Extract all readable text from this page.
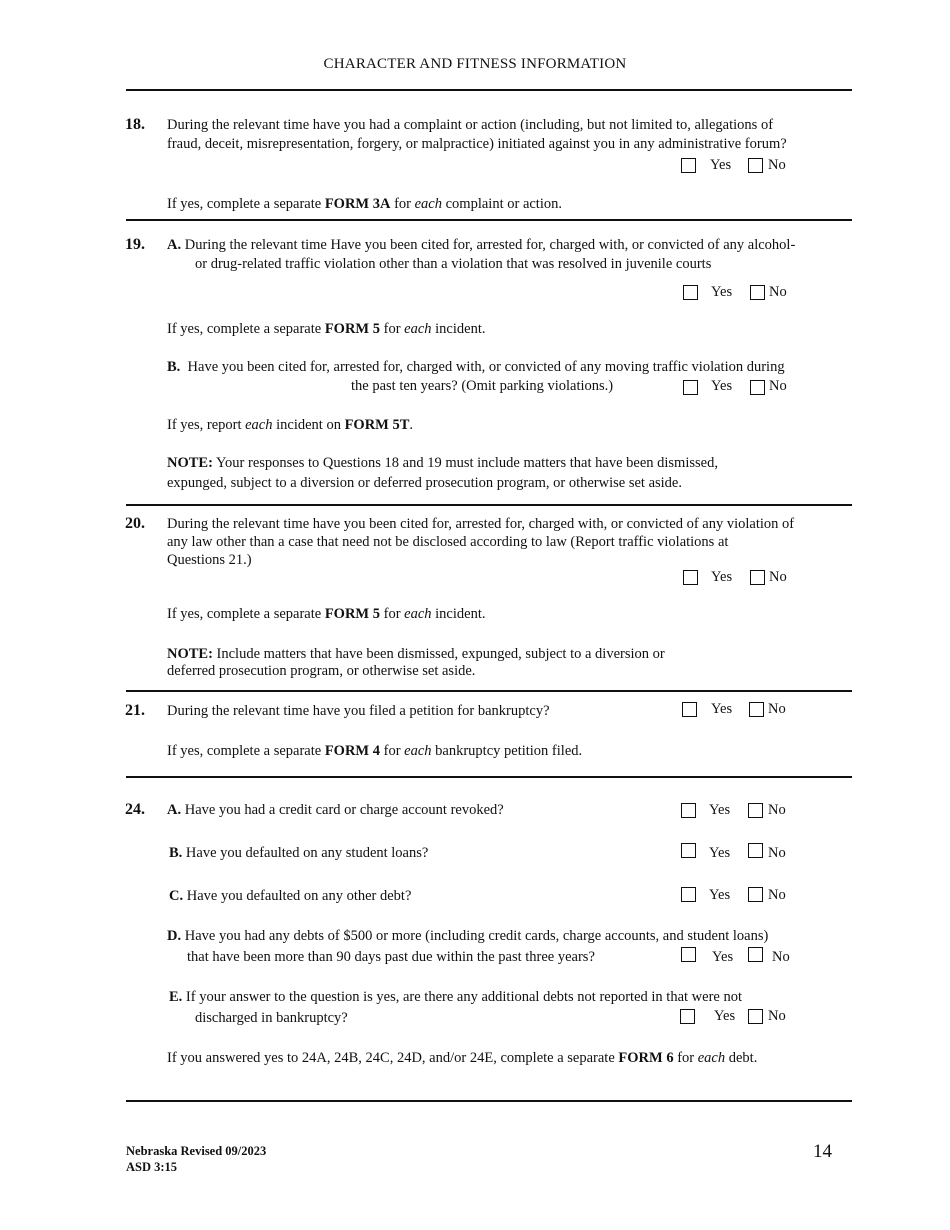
CHARACTER AND FITNESS INFORMATION
18. During the relevant time have you had a complaint or action (including, but not limited to, allegations of
fraud, deceit, misrepresentation, forgery, or malpractice) initiated against you in any administrative forum?
Yes	No
If yes, complete a separate FORM 3A for each complaint or action.
19. A. During the relevant time Have you been cited for, arrested for, charged with, or convicted of any alcohol-
or drug-related traffic violation other than a violation that was resolved in juvenile courts
Yes	No
If yes, complete a separate FORM 5 for each incident.
B. Have you been cited for, arrested for, charged with, or convicted of any moving traffic violation during
the past ten years? (Omit parking violations.)	Yes	No
If yes, report each incident on FORM 5T.
NOTE: Your responses to Questions 18 and 19 must include matters that have been dismissed,
expunged, subject to a diversion or deferred prosecution program, or otherwise set aside.
20. During the relevant time have you been cited for, arrested for, charged with, or convicted of any violation of
any law other than a case that need not be disclosed according to law (Report traffic violations at
Questions 21.)
Yes	No
If yes, complete a separate FORM 5 for each incident.
NOTE: Include matters that have been dismissed, expunged, subject to a diversion or
deferred prosecution program, or otherwise set aside.
21. During the relevant time have you filed a petition for bankruptcy?	Yes No
If yes, complete a separate FORM 4 for each bankruptcy petition filed.
24. A. Have you had a credit card or charge account revoked?	Yes	No
B. Have you defaulted on any student loans?	Yes	No
C. Have you defaulted on any other debt?	Yes	No
D. Have you had any debts of $500 or more (including credit cards, charge accounts, and student loans)
that have been more than 90 days past due within the past three years?	Yes	No
E. If your answer to the question is yes, are there any additional debts not reported in that were not
discharged in bankruptcy?	Yes No
If you answered yes to 24A, 24B, 24C, 24D, and/or 24E, complete a separate FORM 6 for each debt.
Nebraska Revised 09/2023
ASD 3:15
14
